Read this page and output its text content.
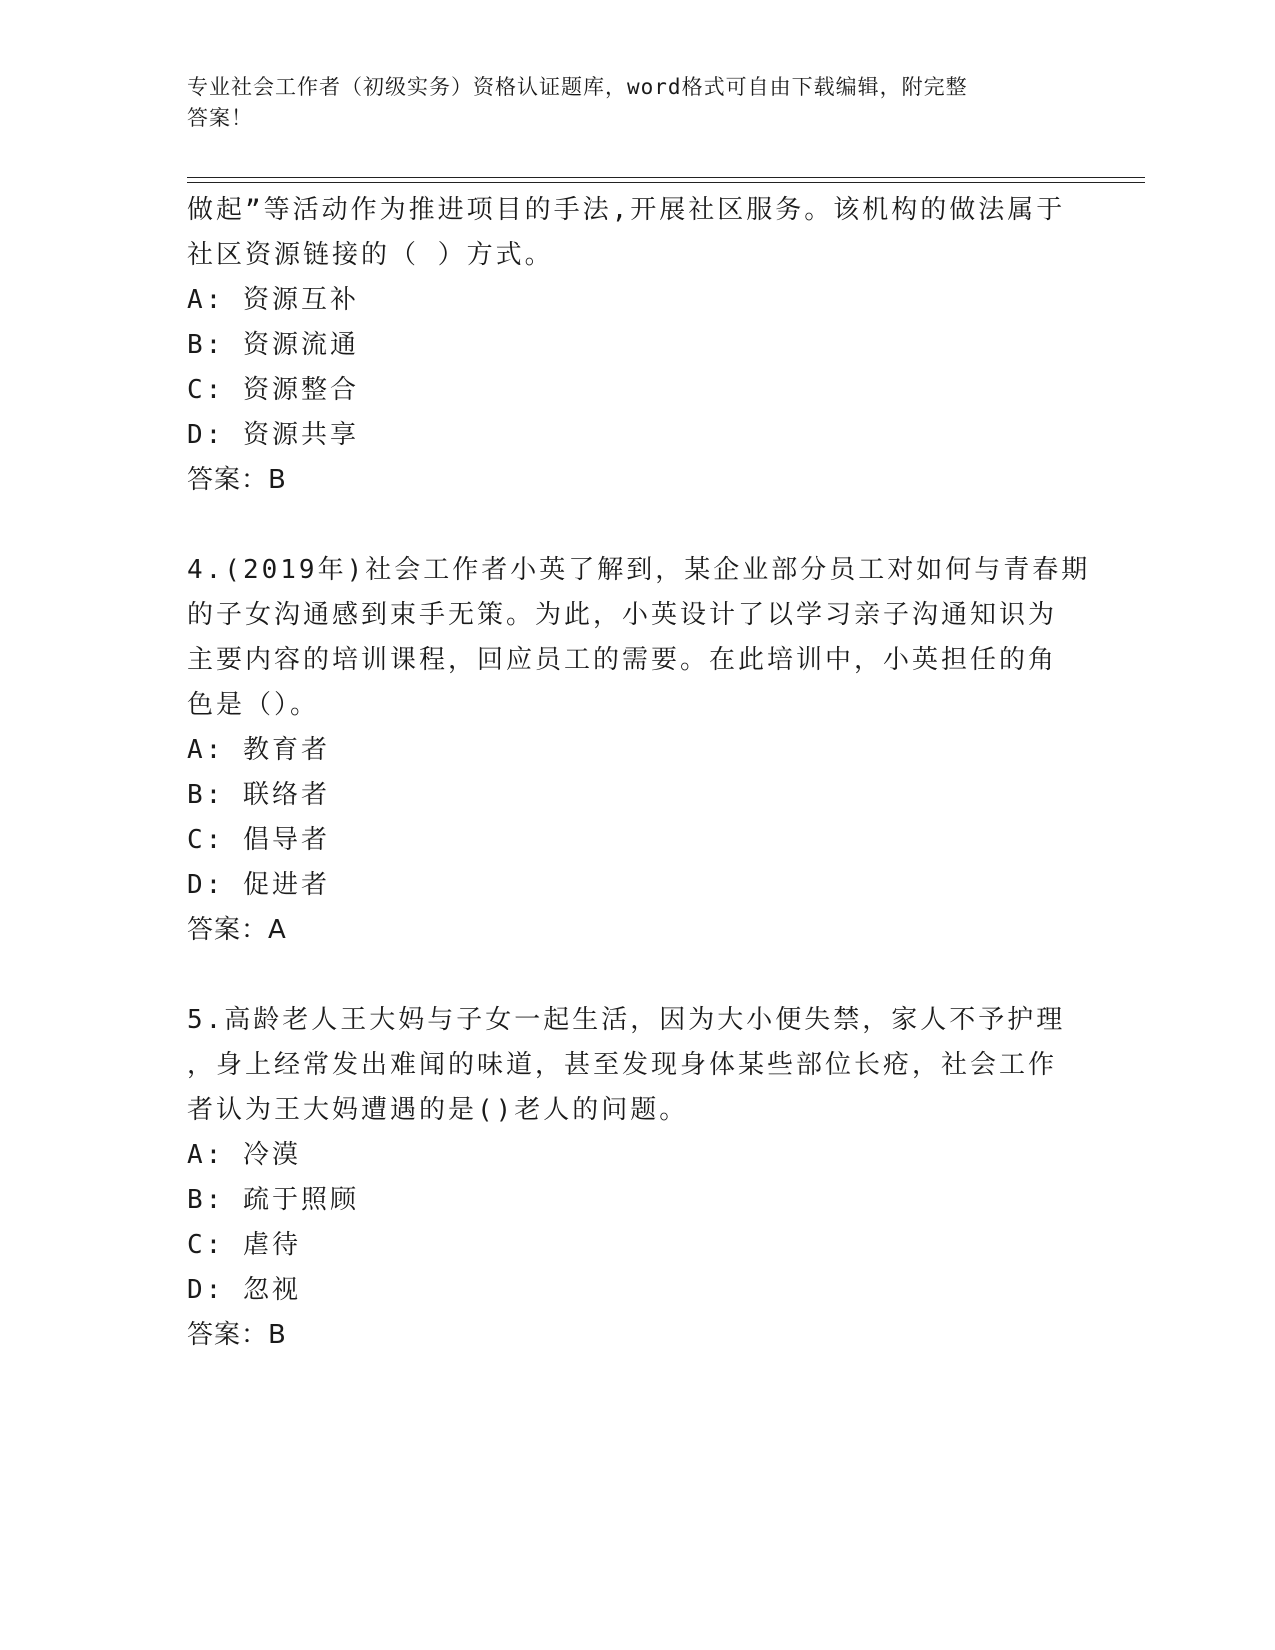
专业社会工作者（初级实务）资格认证题库，word格式可自由下载编辑，附完整
答案！
做起”等活动作为推进项目的手法,开展社区服务。该机构的做法属于
社区资源链接的（ ）方式。
A: 资源互补
B: 资源流通
C: 资源整合
D: 资源共享
答案：B
4.(2019年)社会工作者小英了解到，某企业部分员工对如何与青春期
的子女沟通感到束手无策。为此，小英设计了以学习亲子沟通知识为
主要内容的培训课程，回应员工的需要。在此培训中，小英担任的角
色是（）。
A: 教育者
B: 联络者
C: 倡导者
D: 促进者
答案：A
5.高龄老人王大妈与子女一起生活，因为大小便失禁，家人不予护理
，身上经常发出难闻的味道，甚至发现身体某些部位长疮，社会工作
者认为王大妈遭遇的是()老人的问题。
A: 冷漠
B: 疏于照顾
C: 虐待
D: 忽视
答案：B
